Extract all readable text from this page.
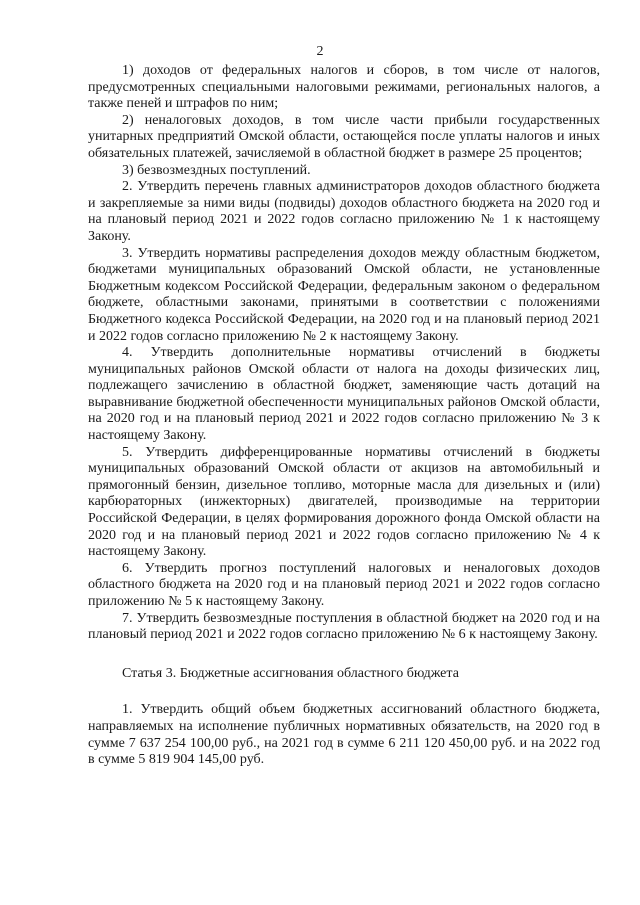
2

1) доходов от федеральных налогов и сборов, в том числе от налогов, предусмотренных специальными налоговыми режимами, региональных налогов, а также пеней и штрафов по ним;

2) неналоговых доходов, в том числе части прибыли государственных унитарных предприятий Омской области, остающейся после уплаты налогов и иных обязательных платежей, зачисляемой в областной бюджет в размере 25 процентов;

3) безвозмездных поступлений.

2. Утвердить перечень главных администраторов доходов областного бюджета и закрепляемые за ними виды (подвиды) доходов областного бюджета на 2020 год и на плановый период 2021 и 2022 годов согласно приложению № 1 к настоящему Закону.

3. Утвердить нормативы распределения доходов между областным бюджетом, бюджетами муниципальных образований Омской области, не установленные Бюджетным кодексом Российской Федерации, федеральным законом о федеральном бюджете, областными законами, принятыми в соответствии с положениями Бюджетного кодекса Российской Федерации, на 2020 год и на плановый период 2021 и 2022 годов согласно приложению № 2 к настоящему Закону.

4. Утвердить дополнительные нормативы отчислений в бюджеты муниципальных районов Омской области от налога на доходы физических лиц, подлежащего зачислению в областной бюджет, заменяющие часть дотаций на выравнивание бюджетной обеспеченности муниципальных районов Омской области, на 2020 год и на плановый период 2021 и 2022 годов согласно приложению № 3 к настоящему Закону.

5. Утвердить дифференцированные нормативы отчислений в бюджеты муниципальных образований Омской области от акцизов на автомобильный и прямогонный бензин, дизельное топливо, моторные масла для дизельных и (или) карбюраторных (инжекторных) двигателей, производимые на территории Российской Федерации, в целях формирования дорожного фонда Омской области на 2020 год и на плановый период 2021 и 2022 годов согласно приложению № 4 к настоящему Закону.

6. Утвердить прогноз поступлений налоговых и неналоговых доходов областного бюджета на 2020 год и на плановый период 2021 и 2022 годов согласно приложению № 5 к настоящему Закону.

7. Утвердить безвозмездные поступления в областной бюджет на 2020 год и на плановый период 2021 и 2022 годов согласно приложению № 6 к настоящему Закону.

Статья 3. Бюджетные ассигнования областного бюджета

1. Утвердить общий объем бюджетных ассигнований областного бюджета, направляемых на исполнение публичных нормативных обязательств, на 2020 год в сумме 7 637 254 100,00 руб., на 2021 год в сумме 6 211 120 450,00 руб. и на 2022 год в сумме 5 819 904 145,00 руб.
